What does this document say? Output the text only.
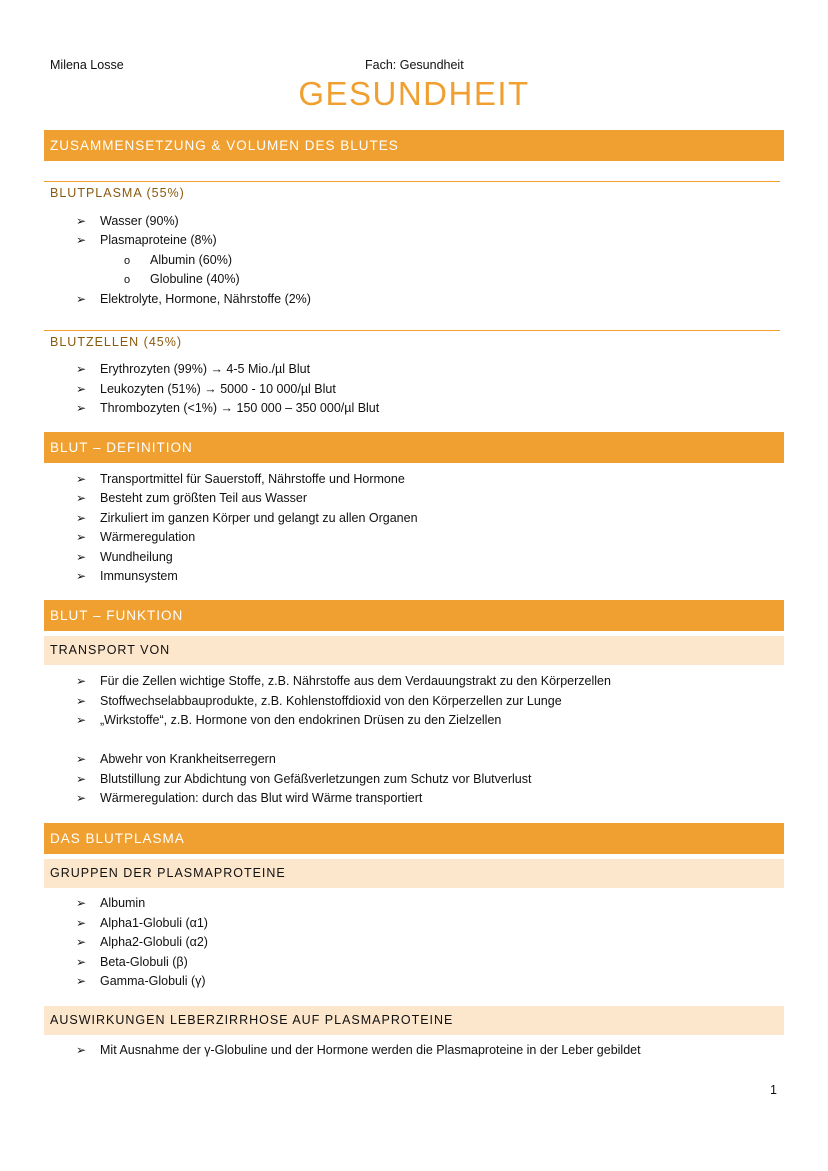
Milena Losse	Fach: Gesundheit
GESUNDHEIT
ZUSAMMENSETZUNG & VOLUMEN DES BLUTES
BLUTPLASMA (55%)
➢ Wasser (90%)
➢ Plasmaproteine (8%)
o Albumin (60%)
o Globuline (40%)
➢ Elektrolyte, Hormone, Nährstoffe (2%)
BLUTZELLEN (45%)
➢ Erythrozyten (99%) → 4-5 Mio./µl Blut
➢ Leukozyten (51%) → 5000 - 10 000/µl Blut
➢ Thrombozyten (<1%) → 150 000 – 350 000/µl Blut
BLUT – DEFINITION
➢ Transportmittel für Sauerstoff, Nährstoffe und Hormone
➢ Besteht zum größten Teil aus Wasser
➢ Zirkuliert im ganzen Körper und gelangt zu allen Organen
➢ Wärmeregulation
➢ Wundheilung
➢ Immunsystem
BLUT – FUNKTION
TRANSPORT VON
➢ Für die Zellen wichtige Stoffe, z.B. Nährstoffe aus dem Verdauungstrakt zu den Körperzellen
➢ Stoffwechselabbauprodukte, z.B. Kohlenstoffdioxid von den Körperzellen zur Lunge
➢ „Wirkstoffe“, z.B. Hormone von den endokrinen Drüsen zu den Zielzellen
➢ Abwehr von Krankheitserregern
➢ Blutstillung zur Abdichtung von Gefäßverletzungen zum Schutz vor Blutverlust
➢ Wärmeregulation: durch das Blut wird Wärme transportiert
DAS BLUTPLASMA
GRUPPEN DER PLASMAPROTEINE
➢ Albumin
➢ Alpha1-Globuli (α1)
➢ Alpha2-Globuli (α2)
➢ Beta-Globuli (β)
➢ Gamma-Globuli (γ)
AUSWIRKUNGEN LEBERZIRRHOSE AUF PLASMAPROTEINE
➢ Mit Ausnahme der γ-Globuline und der Hormone werden die Plasmaproteine in der Leber gebildet
1
